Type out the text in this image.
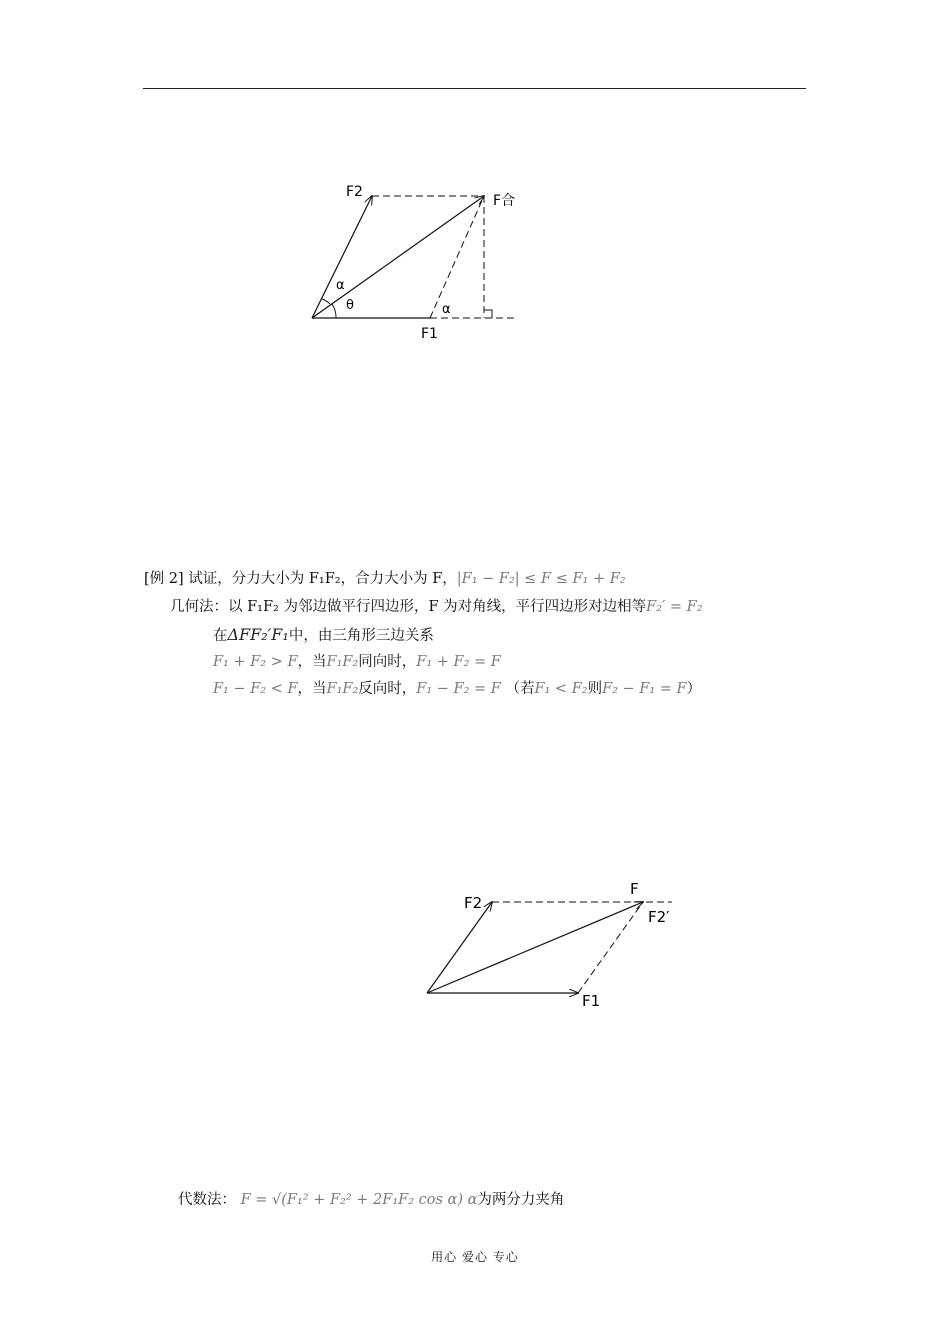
F2
F合
F1
α
θ	α
[例 2] 试证，分力大小为 F₁F₂，合力大小为 F，|F₁ − F₂| ≤ F ≤ F₁ + F₂
几何法：以 F₁F₂ 为邻边做平行四边形，F 为对角线，平行四边形对边相等F₂′ = F₂
在ΔFF₂′F₁中，由三角形三边关系
F₁ + F₂ > F，当F₁F₂同向时，F₁ + F₂ = F
F₁ − F₂ < F，当F₁F₂反向时，F₁ − F₂ = F （若F₁ < F₂则F₂ − F₁ = F）
F
F2
F2′
F1
代数法： F = √(F₁² + F₂² + 2F₁F₂ cos α) α为两分力夹角
用心 爱心 专心
